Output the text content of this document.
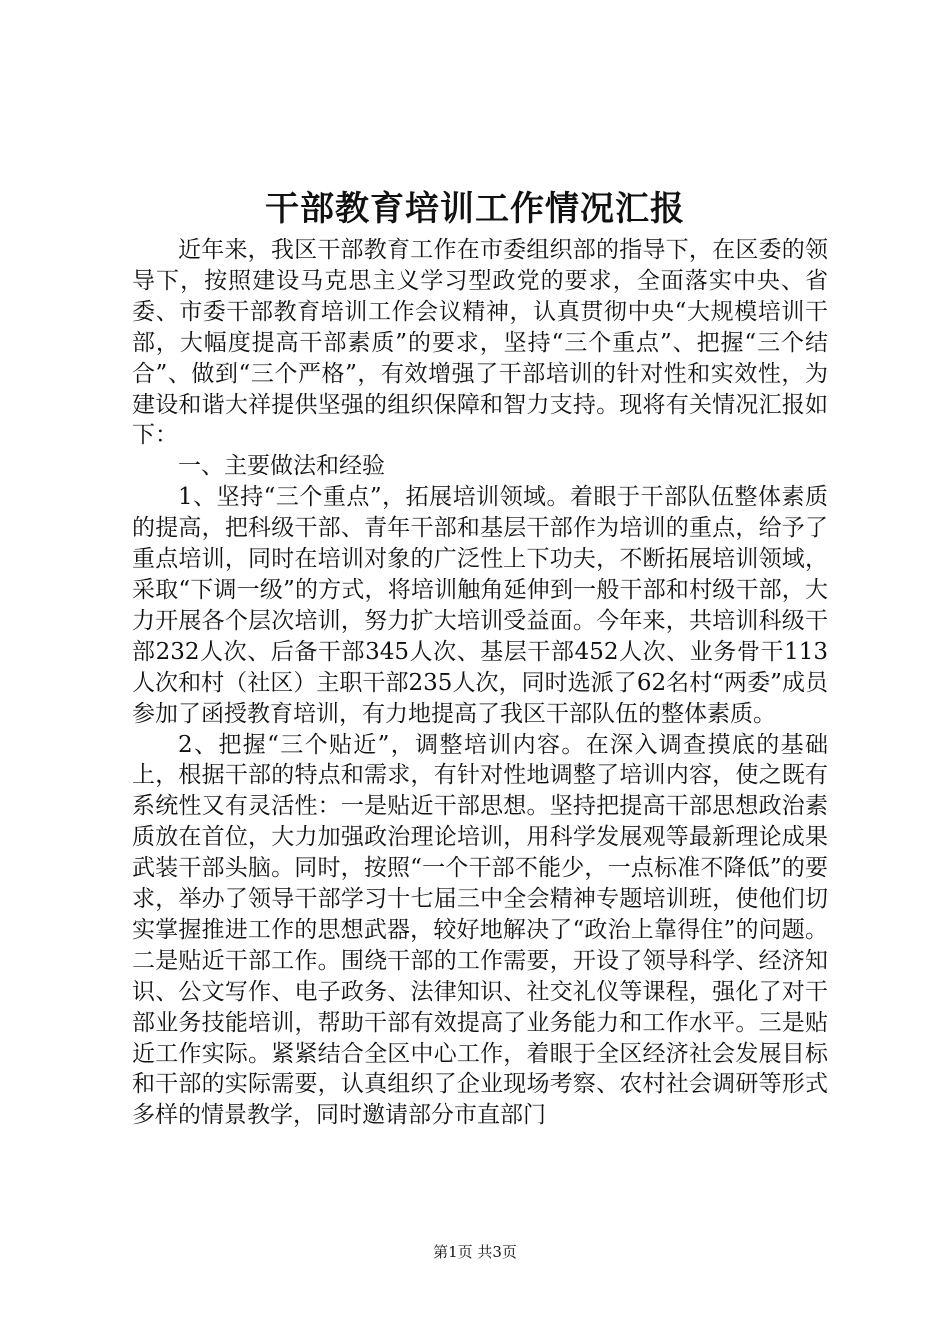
干部教育培训工作情况汇报

近年来，我区干部教育工作在市委组织部的指导下，在区委的领导下，按照建设马克思主义学习型政党的要求，全面落实中央、省委、市委干部教育培训工作会议精神，认真贯彻中央“大规模培训干部，大幅度提高干部素质”的要求，坚持“三个重点”、把握“三个结合”、做到“三个严格”，有效增强了干部培训的针对性和实效性，为建设和谐大祥提供坚强的组织保障和智力支持。现将有关情况汇报如下：

一、主要做法和经验

1、坚持“三个重点”，拓展培训领域。着眼于干部队伍整体素质的提高，把科级干部、青年干部和基层干部作为培训的重点，给予了重点培训，同时在培训对象的广泛性上下功夫，不断拓展培训领域，采取“下调一级”的方式，将培训触角延伸到一般干部和村级干部，大力开展各个层次培训，努力扩大培训受益面。今年来，共培训科级干部232人次、后备干部345人次、基层干部452人次、业务骨干113人次和村（社区）主职干部235人次，同时选派了62名村“两委”成员参加了函授教育培训，有力地提高了我区干部队伍的整体素质。

2、把握“三个贴近”，调整培训内容。在深入调查摸底的基础上，根据干部的特点和需求，有针对性地调整了培训内容，使之既有系统性又有灵活性：一是贴近干部思想。坚持把提高干部思想政治素质放在首位，大力加强政治理论培训，用科学发展观等最新理论成果武装干部头脑。同时，按照“一个干部不能少，一点标准不降低”的要求，举办了领导干部学习十七届三中全会精神专题培训班，使他们切实掌握推进工作的思想武器，较好地解决了“政治上靠得住”的问题。二是贴近干部工作。围绕干部的工作需要，开设了领导科学、经济知识、公文写作、电子政务、法律知识、社交礼仪等课程，强化了对干部业务技能培训，帮助干部有效提高了业务能力和工作水平。三是贴近工作实际。紧紧结合全区中心工作，着眼于全区经济社会发展目标和干部的实际需要，认真组织了企业现场考察、农村社会调研等形式多样的情景教学，同时邀请部分市直部门

第1页 共3页
